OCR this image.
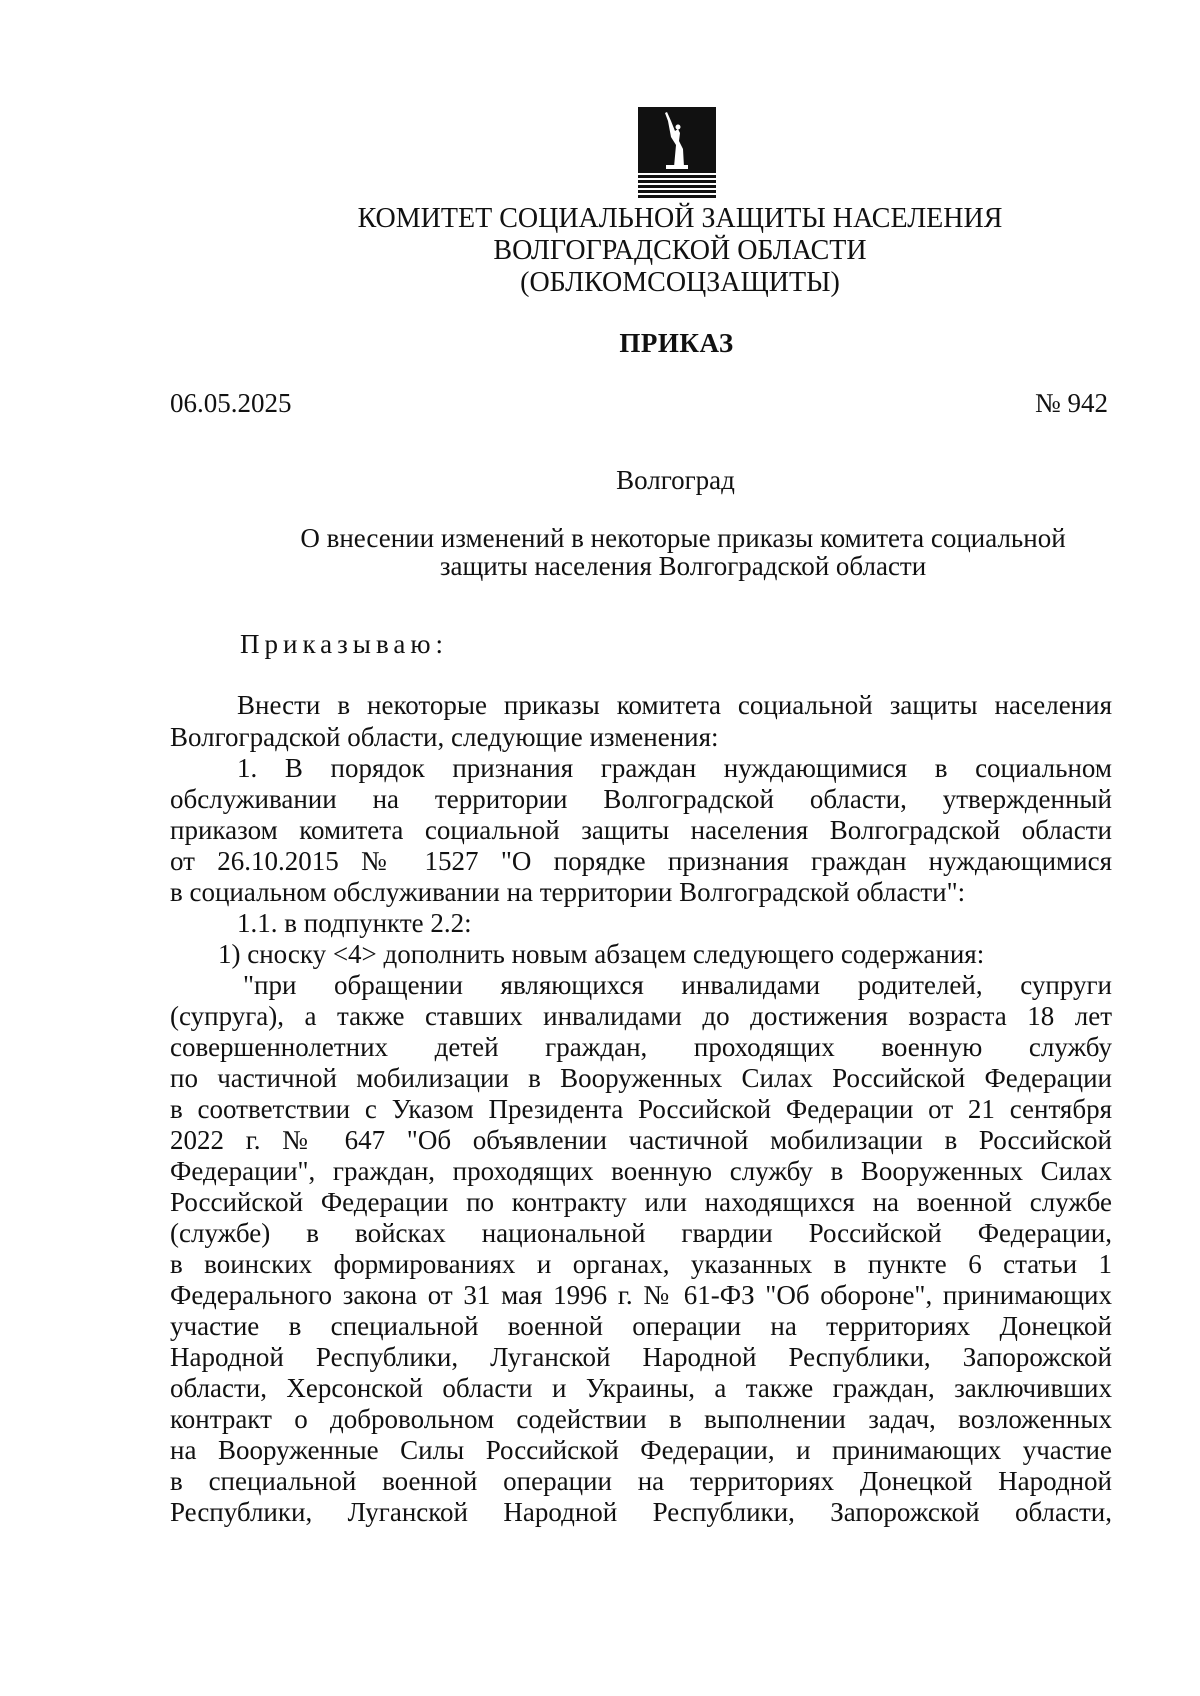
КОМИТЕТ СОЦИАЛЬНОЙ ЗАЩИТЫ НАСЕЛЕНИЯ
ВОЛГОГРАДСКОЙ ОБЛАСТИ
(ОБЛКОМСОЦЗАЩИТЫ)
ПРИКАЗ
06.05.2025	№ 942
Волгоград
О внесении изменений в некоторые приказы комитета социальной
защиты населения Волгоградской области
Приказываю:
Внести в некоторые приказы комитета социальной защиты населения
Волгоградской области, следующие изменения:
1. В порядок признания граждан нуждающимися в социальном
обслуживании на территории Волгоградской области, утвержденный
приказом комитета социальной защиты населения Волгоградской области
от 26.10.2015 № 1527 "О порядке признания граждан нуждающимися
в социальном обслуживании на территории Волгоградской области":
1.1. в подпункте 2.2:
1) сноску <4> дополнить новым абзацем следующего содержания:
"при обращении являющихся инвалидами родителей, супруги
(супруга), а также ставших инвалидами до достижения возраста 18 лет
совершеннолетних детей граждан, проходящих военную службу
по частичной мобилизации в Вооруженных Силах Российской Федерации
в соответствии с Указом Президента Российской Федерации от 21 сентября
2022 г. № 647 "Об объявлении частичной мобилизации в Российской
Федерации", граждан, проходящих военную службу в Вооруженных Силах
Российской Федерации по контракту или находящихся на военной службе
(службе) в войсках национальной гвардии Российской Федерации,
в воинских формированиях и органах, указанных в пункте 6 статьи 1
Федерального закона от 31 мая 1996 г. № 61-ФЗ "Об обороне", принимающих
участие в специальной военной операции на территориях Донецкой
Народной Республики, Луганской Народной Республики, Запорожской
области, Херсонской области и Украины, а также граждан, заключивших
контракт о добровольном содействии в выполнении задач, возложенных
на Вооруженные Силы Российской Федерации, и принимающих участие
в специальной военной операции на территориях Донецкой Народной
Республики, Луганской Народной Республики, Запорожской области,
